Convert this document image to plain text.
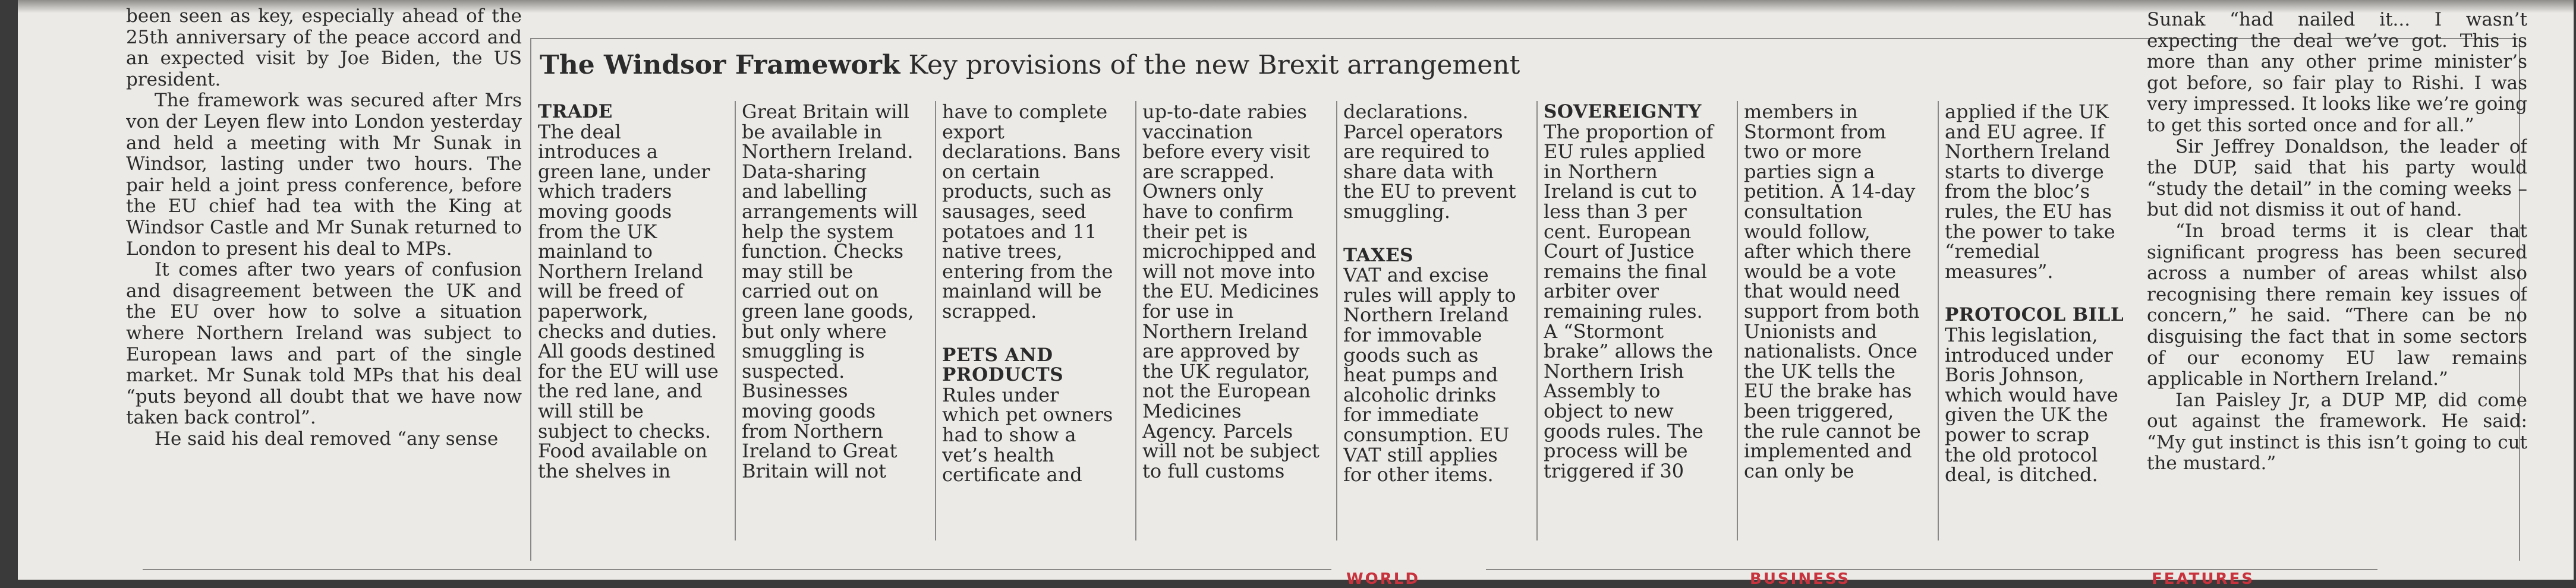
been seen as key, especially ahead of the 25th anniversary of the peace accord and an expected visit by Joe Biden, the US president.

The framework was secured after Mrs von der Leyen flew into London yesterday and held a meeting with Mr Sunak in Windsor, lasting under two hours. The pair held a joint press conference, before the EU chief had tea with the King at Windsor Castle and Mr Sunak returned to London to present his deal to MPs.

It comes after two years of confusion and disagreement between the UK and the EU over how to solve a situation where Northern Ireland was subject to European laws and part of the single market. Mr Sunak told MPs that his deal “puts beyond all doubt that we have now taken back control”.

He said his deal removed “any sense

The Windsor Framework Key provisions of the new Brexit arrangement
TRADE
The deal
introduces a
green lane, under
which traders
moving goods
from the UK
mainland to
Northern Ireland
will be freed of
paperwork,
checks and duties.
All goods destined
for the EU will use
the red lane, and
will still be
subject to checks.
Food available on
the shelves in
Great Britain will
be available in
Northern Ireland.
Data-sharing
and labelling
arrangements will
help the system
function. Checks
may still be
carried out on
green lane goods,
but only where
smuggling is
suspected.
Businesses
moving goods
from Northern
Ireland to Great
Britain will not
have to complete
export
declarations. Bans
on certain
products, such as
sausages, seed
potatoes and 11
native trees,
entering from the
mainland will be
scrapped.
PETS AND
PRODUCTS
Rules under
which pet owners
had to show a
vet’s health
certificate and
up-to-date rabies
vaccination
before every visit
are scrapped.
Owners only
have to confirm
their pet is
microchipped and
will not move into
the EU. Medicines
for use in
Northern Ireland
are approved by
the UK regulator,
not the European
Medicines
Agency. Parcels
will not be subject
to full customs
declarations.
Parcel operators
are required to
share data with
the EU to prevent
smuggling.
TAXES
VAT and excise
rules will apply to
Northern Ireland
for immovable
goods such as
heat pumps and
alcoholic drinks
for immediate
consumption. EU
VAT still applies
for other items.
SOVEREIGNTY
The proportion of
EU rules applied
in Northern
Ireland is cut to
less than 3 per
cent. European
Court of Justice
remains the final
arbiter over
remaining rules.
A “Stormont
brake” allows the
Northern Irish
Assembly to
object to new
goods rules. The
process will be
triggered if 30
members in
Stormont from
two or more
parties sign a
petition. A 14-day
consultation
would follow,
after which there
would be a vote
that would need
support from both
Unionists and
nationalists. Once
the UK tells the
EU the brake has
been triggered,
the rule cannot be
implemented and
can only be
applied if the UK
and EU agree. If
Northern Ireland
starts to diverge
from the bloc’s
rules, the EU has
the power to take
“remedial
measures”.
PROTOCOL BILL
This legislation,
introduced under
Boris Johnson,
which would have
given the UK the
power to scrap
the old protocol
deal, is ditched.

Sunak “had nailed it... I wasn’t expecting the deal we’ve got. This is more than any other prime minister’s got before, so fair play to Rishi. I was very impressed. It looks like we’re going to get this sorted once and for all.”

Sir Jeffrey Donaldson, the leader of the DUP, said that his party would “study the detail” in the coming weeks – but did not dismiss it out of hand.

“In broad terms it is clear that significant progress has been secured across a number of areas whilst also recognising there remain key issues of concern,” he said. “There can be no disguising the fact that in some sectors of our economy EU law remains applicable in Northern Ireland.”

Ian Paisley Jr, a DUP MP, did come out against the framework. He said: “My gut instinct is this isn’t going to cut the mustard.”

WORLD	BUSINESS	FEATURES
